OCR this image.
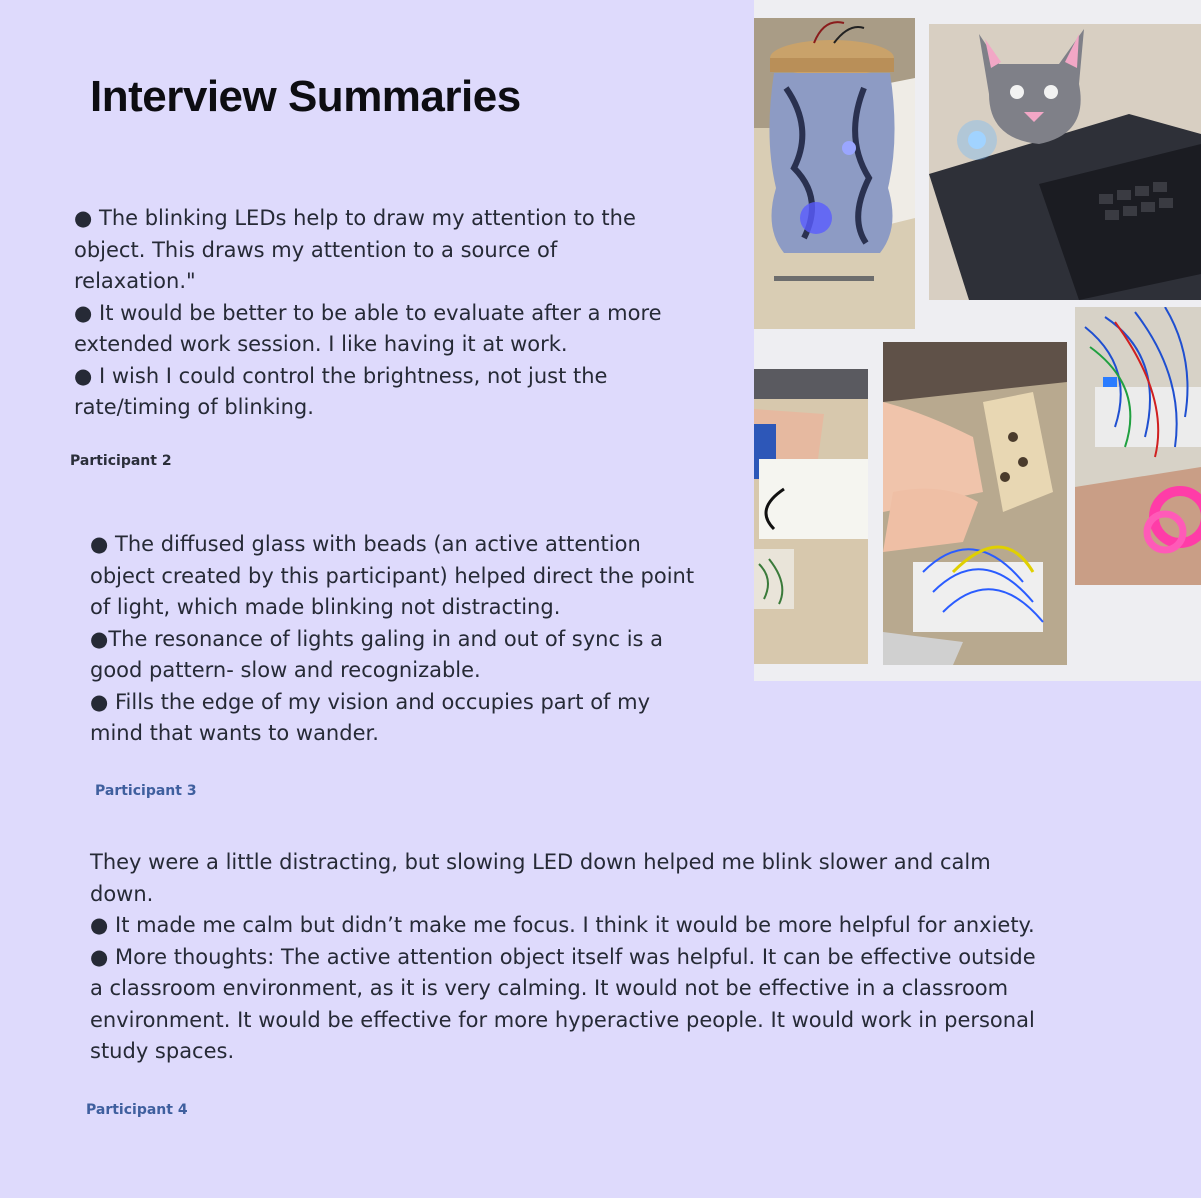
Interview Summaries
● The blinking LEDs help to draw my attention to the
object. This draws my attention to a source of
relaxation."
● It would be better to be able to evaluate after a more
extended work session. I like having it at work.
● I wish I could control the brightness, not just the
rate/timing of blinking.

Participant 2

● The diffused glass with beads (an active attention
object created by this participant) helped direct the point
of light, which made blinking not distracting.
●The resonance of lights galing in and out of sync is a
good pattern- slow and recognizable.
● Fills the edge of my vision and occupies part of my
mind that wants to wander.

Participant 3

They were a little distracting, but slowing LED down helped me blink slower and calm
down.
● It made me calm but didn’t make me focus. I think it would be more helpful for anxiety.
● More thoughts: The active attention object itself was helpful. It can be effective outside
a classroom environment, as it is very calming. It would not be effective in a classroom
environment. It would be effective for more hyperactive people. It would work in personal
study spaces.

Participant 4
